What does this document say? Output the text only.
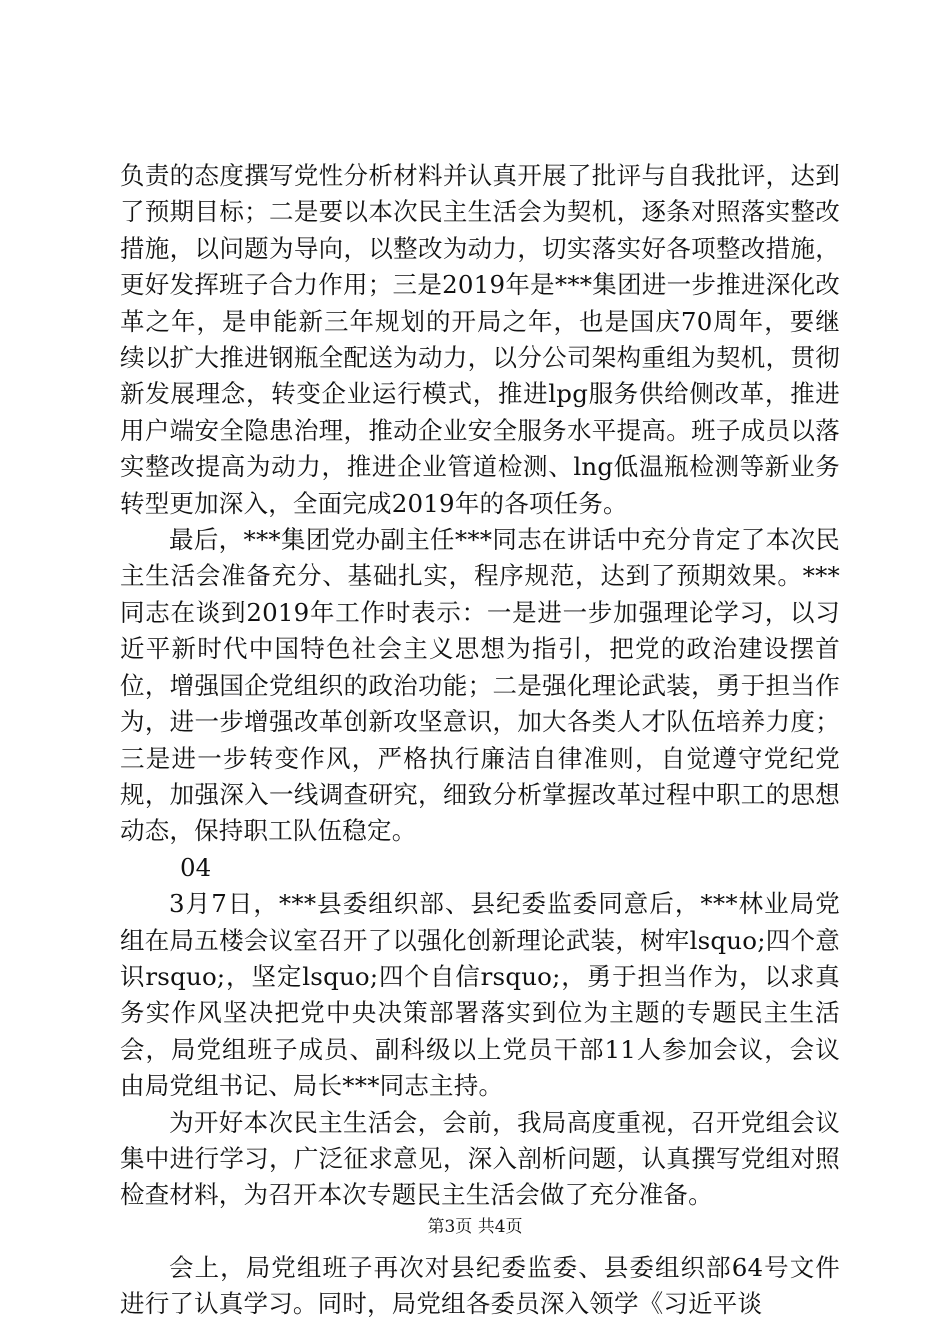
负责的态度撰写党性分析材料并认真开展了批评与自我批评，达到了预期目标；二是要以本次民主生活会为契机，逐条对照落实整改措施，以问题为导向，以整改为动力，切实落实好各项整改措施，更好发挥班子合力作用；三是2019年是***集团进一步推进深化改革之年，是申能新三年规划的开局之年，也是国庆70周年，要继续以扩大推进钢瓶全配送为动力，以分公司架构重组为契机，贯彻新发展理念，转变企业运行模式，推进lpg服务供给侧改革，推进用户端安全隐患治理，推动企业安全服务水平提高。班子成员以落实整改提高为动力，推进企业管道检测、lng低温瓶检测等新业务转型更加深入，全面完成2019年的各项任务。

最后，***集团党办副主任***同志在讲话中充分肯定了本次民主生活会准备充分、基础扎实，程序规范，达到了预期效果。***同志在谈到2019年工作时表示：一是进一步加强理论学习，以习近平新时代中国特色社会主义思想为指引，把党的政治建设摆首位，增强国企党组织的政治功能；二是强化理论武装，勇于担当作为，进一步增强改革创新攻坚意识，加大各类人才队伍培养力度；三是进一步转变作风，严格执行廉洁自律准则，自觉遵守党纪党规，加强深入一线调查研究，细致分析掌握改革过程中职工的思想动态，保持职工队伍稳定。

04

3月7日，***县委组织部、县纪委监委同意后，***林业局党组在局五楼会议室召开了以强化创新理论武装，树牢lsquo;四个意识rsquo;，坚定lsquo;四个自信rsquo;，勇于担当作为，以求真务实作风坚决把党中央决策部署落实到位为主题的专题民主生活会，局党组班子成员、副科级以上党员干部11人参加会议，会议由局党组书记、局长***同志主持。

为开好本次民主生活会，会前，我局高度重视，召开党组会议集中进行学习，广泛征求意见，深入剖析问题，认真撰写党组对照检查材料，为召开本次专题民主生活会做了充分准备。

会上，局党组班子再次对县纪委监委、县委组织部64号文件进行了认真学习。同时，局党组各委员深入领学《习近平谈

第3页 共4页
